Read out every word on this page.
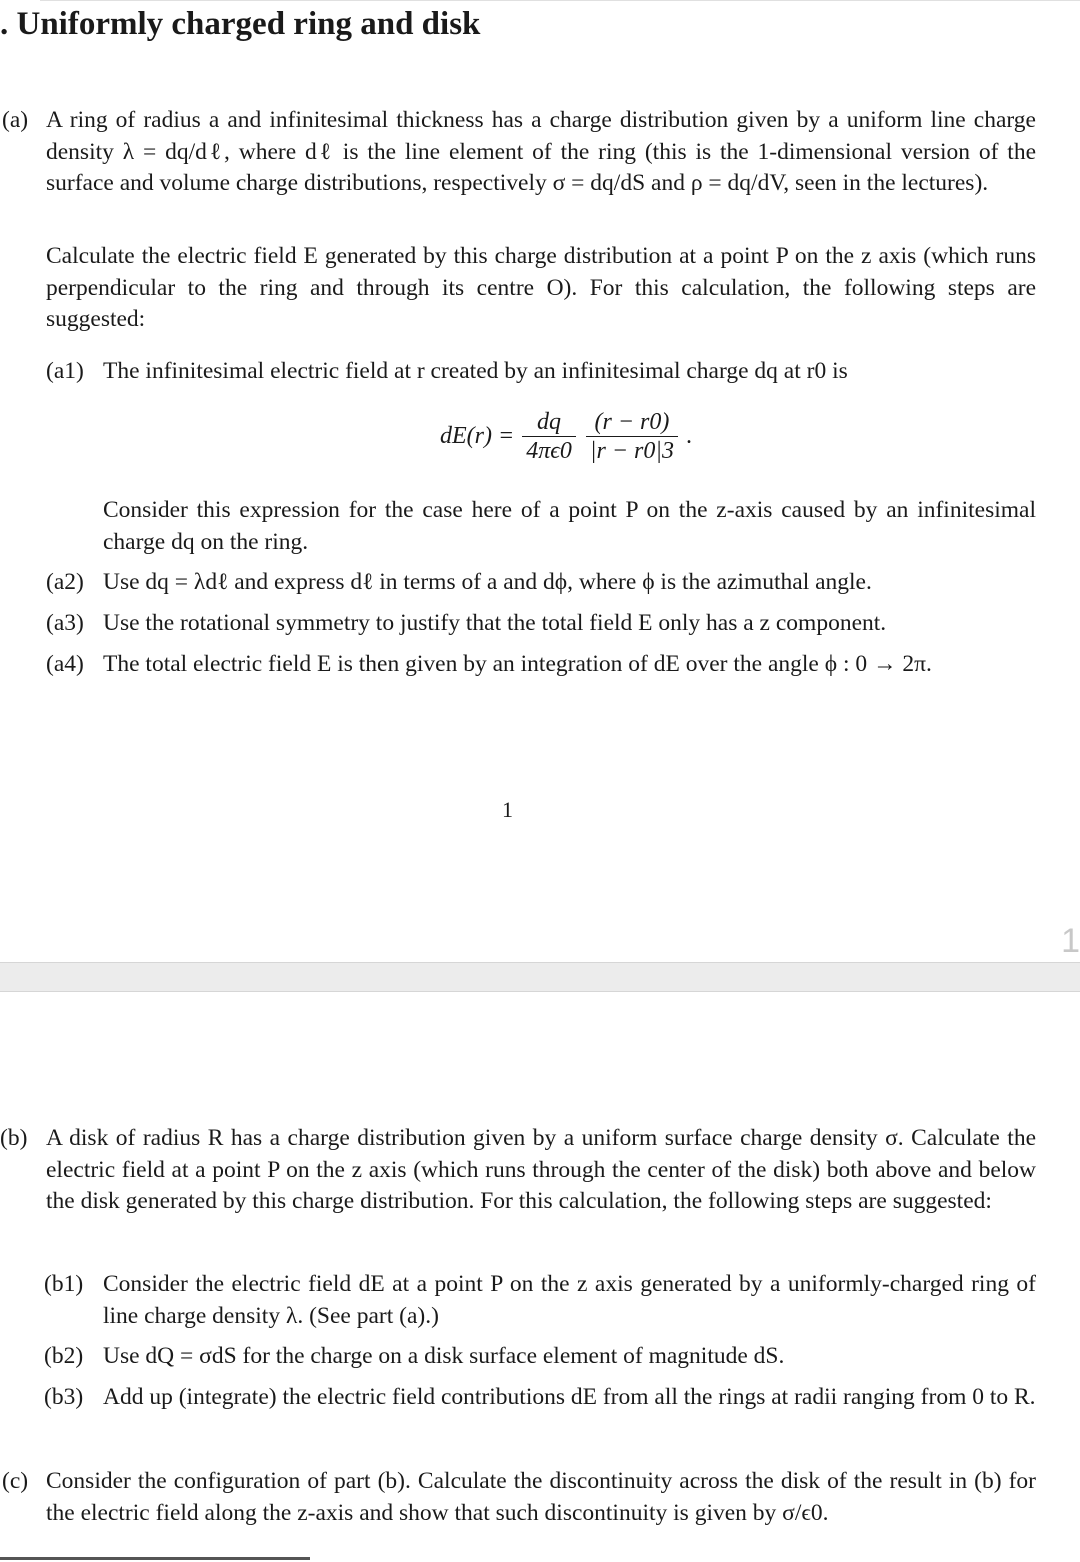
. Uniformly charged ring and disk
(a) A ring of radius a and infinitesimal thickness has a charge distribution given by a uniform line charge density λ = dq/dℓ, where dℓ is the line element of the ring (this is the 1-dimensional version of the surface and volume charge distributions, respectively σ = dq/dS and ρ = dq/dV, seen in the lectures).
Calculate the electric field E generated by this charge distribution at a point P on the z axis (which runs perpendicular to the ring and through its centre O). For this calculation, the following steps are suggested:
(a1) The infinitesimal electric field at r created by an infinitesimal charge dq at r0 is
$dE(r) = \frac{dq}{4\pi\epsilon 0}$
$\frac{(r - r0)}{|r - r0|3}$ .
Consider this expression for the case here of a point P on the z-axis caused by an infinitesimal charge dq on the ring.
(a2) Use dq = λdℓ and express dℓ in terms of a and dϕ, where ϕ is the azimuthal angle.
(a3) Use the rotational symmetry to justify that the total field E only has a z component.
(a4) The total electric field E is then given by an integration of dE over the angle ϕ : 0 → 2π.
1
1
(b) A disk of radius R has a charge distribution given by a uniform surface charge density σ. Calculate the electric field at a point P on the z axis (which runs through the center of the disk) both above and below the disk generated by this charge distribution. For this calculation, the following steps are suggested:
(b1) Consider the electric field dE at a point P on the z axis generated by a uniformly-charged ring of line charge density λ. (See part (a).)
(b2) Use dQ = σdS for the charge on a disk surface element of magnitude dS.
(b3) Add up (integrate) the electric field contributions dE from all the rings at radii ranging from 0 to R.
(c) Consider the configuration of part (b). Calculate the discontinuity across the disk of the result in (b) for the electric field along the z-axis and show that such discontinuity is given by σ/ϵ0.
